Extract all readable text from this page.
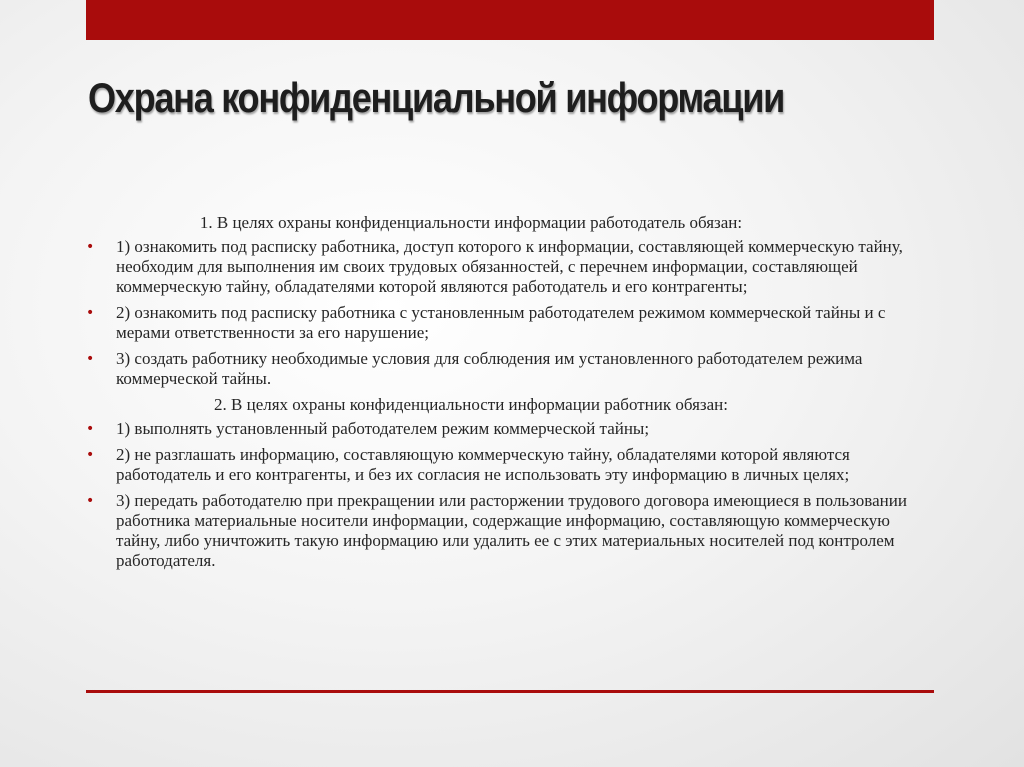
Охрана конфиденциальной информации

1. В целях охраны конфиденциальности информации работодатель обязан:

• 1) ознакомить под расписку работника, доступ которого к информации, составляющей коммерческую тайну, необходим для выполнения им своих трудовых обязанностей, с перечнем информации, составляющей коммерческую тайну, обладателями которой являются работодатель и его контрагенты;

• 2) ознакомить под расписку работника с установленным работодателем режимом коммерческой тайны и с мерами ответственности за его нарушение;

• 3) создать работнику необходимые условия для соблюдения им установленного работодателем режима коммерческой тайны.

2. В целях охраны конфиденциальности информации работник обязан:

• 1) выполнять установленный работодателем режим коммерческой тайны;

• 2) не разглашать информацию, составляющую коммерческую тайну, обладателями которой являются работодатель и его контрагенты, и без их согласия не использовать эту информацию в личных целях;

• 3) передать работодателю при прекращении или расторжении трудового договора имеющиеся в пользовании работника материальные носители информации, содержащие информацию, составляющую коммерческую тайну, либо уничтожить такую информацию или удалить ее с этих материальных носителей под контролем работодателя.
